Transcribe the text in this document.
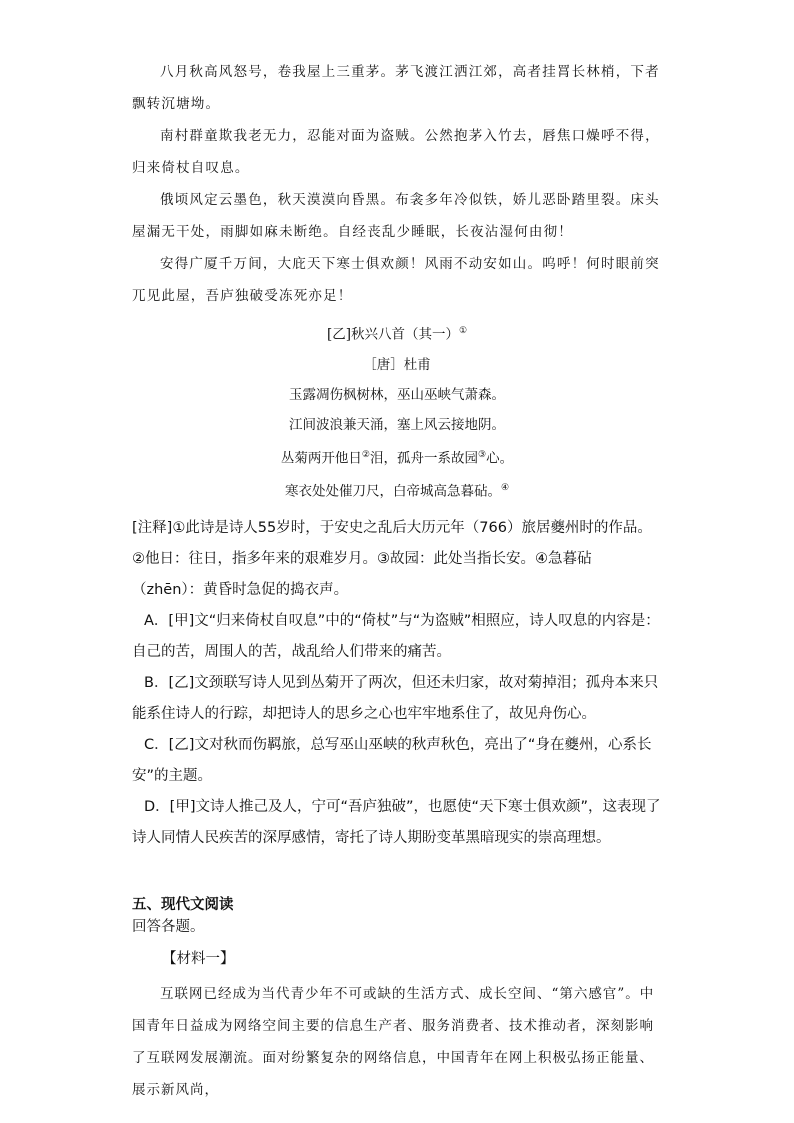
八月秋高风怒号，卷我屋上三重茅。茅飞渡江洒江郊，高者挂罥长林梢，下者飘转沉塘坳。

南村群童欺我老无力，忍能对面为盗贼。公然抱茅入竹去，唇焦口燥呼不得，归来倚杖自叹息。

俄顷风定云墨色，秋天漠漠向昏黑。布衾多年冷似铁，娇儿恶卧踏里裂。床头屋漏无干处，雨脚如麻未断绝。自经丧乱少睡眠，长夜沾湿何由彻！

安得广厦千万间，大庇天下寒士俱欢颜！风雨不动安如山。呜呼！何时眼前突兀见此屋，吾庐独破受冻死亦足！

[乙]秋兴八首（其一）①
［唐］杜甫
玉露凋伤枫树林，巫山巫峡气萧森。
江间波浪兼天涌，塞上风云接地阴。
丛菊两开他日②泪，孤舟一系故园③心。
寒衣处处催刀尺，白帝城高急暮砧。④

[注释]①此诗是诗人55岁时，于安史之乱后大历元年（766）旅居夔州时的作品。②他日：往日，指多年来的艰难岁月。③故园：此处当指长安。④急暮砧（zhēn）：黄昏时急促的捣衣声。

A．[甲]文“归来倚杖自叹息”中的“倚杖”与“为盗贼”相照应，诗人叹息的内容是：自己的苦，周围人的苦，战乱给人们带来的痛苦。

B．[乙]文颈联写诗人见到丛菊开了两次，但还未归家，故对菊掉泪；孤舟本来只能系住诗人的行踪，却把诗人的思乡之心也牢牢地系住了，故见舟伤心。

C．[乙]文对秋而伤羁旅，总写巫山巫峡的秋声秋色，亮出了“身在夔州，心系长安”的主题。

D．[甲]文诗人推己及人，宁可“吾庐独破”，也愿使“天下寒士俱欢颜”，这表现了诗人同情人民疾苦的深厚感情，寄托了诗人期盼变革黑暗现实的崇高理想。

五、现代文阅读
回答各题。
【材料一】

互联网已经成为当代青少年不可或缺的生活方式、成长空间、“第六感官”。中国青年日益成为网络空间主要的信息生产者、服务消费者、技术推动者，深刻影响了互联网发展潮流。面对纷繁复杂的网络信息，中国青年在网上积极弘扬正能量、展示新风尚，
